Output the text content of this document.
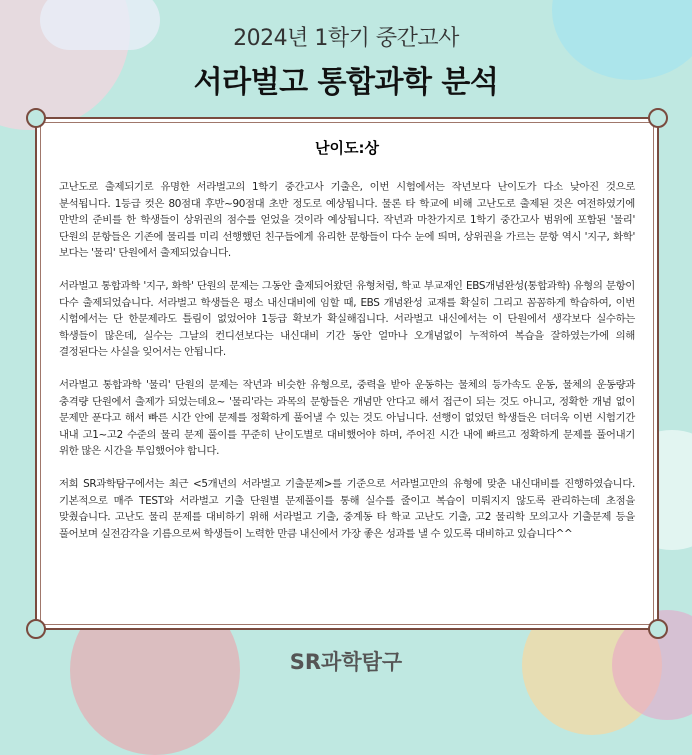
2024년 1학기 중간고사
서라벌고 통합과학 분석
난이도:상

고난도로 출제되기로 유명한 서라벌고의 1학기 중간고사 기출은, 이번 시험에서는 작년보다 난이도가 다소 낮아진 것으로 분석됩니다. 1등급 컷은 80점대 후반~90점대 초반 정도로 예상됩니다. 물론 타 학교에 비해 고난도로 출제된 것은 여전하였기에 만반의 준비를 한 학생들이 상위권의 점수를 얻었을 것이라 예상됩니다. 작년과 마찬가지로 1학기 중간고사 범위에 포함된 '물리' 단원의 문항들은 기존에 물리를 미리 선행했던 친구들에게 유리한 문항들이 다수 눈에 띄며, 상위권을 가르는 문항 역시 '지구, 화학' 보다는 '물리' 단원에서 출제되었습니다.

서라벌고 통합과학 '지구, 화학' 단원의 문제는 그동안 출제되어왔던 유형처럼, 학교 부교재인 EBS개념완성(통합과학) 유형의 문항이 다수 출제되었습니다. 서라벌고 학생들은 평소 내신대비에 임할 때, EBS 개념완성 교재를 확실히 그리고 꼼꼼하게 학습하여, 이번 시험에서는 단 한문제라도 틀림이 없었어야 1등급 확보가 확실해집니다. 서라벌고 내신에서는 이 단원에서 생각보다 실수하는 학생들이 많은데, 실수는 그날의 컨디션보다는 내신대비 기간 동안 얼마나 오개념없이 누적하여 복습을 잘하였는가에 의해 결정된다는 사실을 잊어서는 안됩니다.

서라벌고 통합과학 '물리' 단원의 문제는 작년과 비슷한 유형으로, 중력을 받아 운동하는 물체의 등가속도 운동, 물체의 운동량과 충격량 단원에서 출제가 되었는데요~ '물리'라는 과목의 문항들은 개념만 안다고 해서 접근이 되는 것도 아니고, 정확한 개념 없이 문제만 푼다고 해서 빠른 시간 안에 문제를 정확하게 풀어낼 수 있는 것도 아닙니다. 선행이 없었던 학생들은 더더욱 이번 시험기간 내내 고1~고2 수준의 물리 문제 풀이를 꾸준히 난이도별로 대비했어야 하며, 주어진 시간 내에 빠르고 정확하게 문제를 풀어내기 위한 많은 시간을 투입했어야 합니다.

저희 SR과학탐구에서는 최근 <5개년의 서라벌고 기출문제>를 기준으로 서라벌고만의 유형에 맞춘 내신대비를 진행하였습니다. 기본적으로 매주 TEST와 서라벌고 기출 단원별 문제풀이를 통해 실수를 줄이고 복습이 미뤄지지 않도록 관리하는데 초점을 맞췄습니다. 고난도 물리 문제를 대비하기 위해 서라벌고 기출, 중계동 타 학교 고난도 기출, 고2 물리학 모의고사 기출문제 등을 풀어보며 실전감각을 기름으로써 학생들이 노력한 만큼 내신에서 가장 좋은 성과를 낼 수 있도록 대비하고 있습니다^^

SR과학탐구
